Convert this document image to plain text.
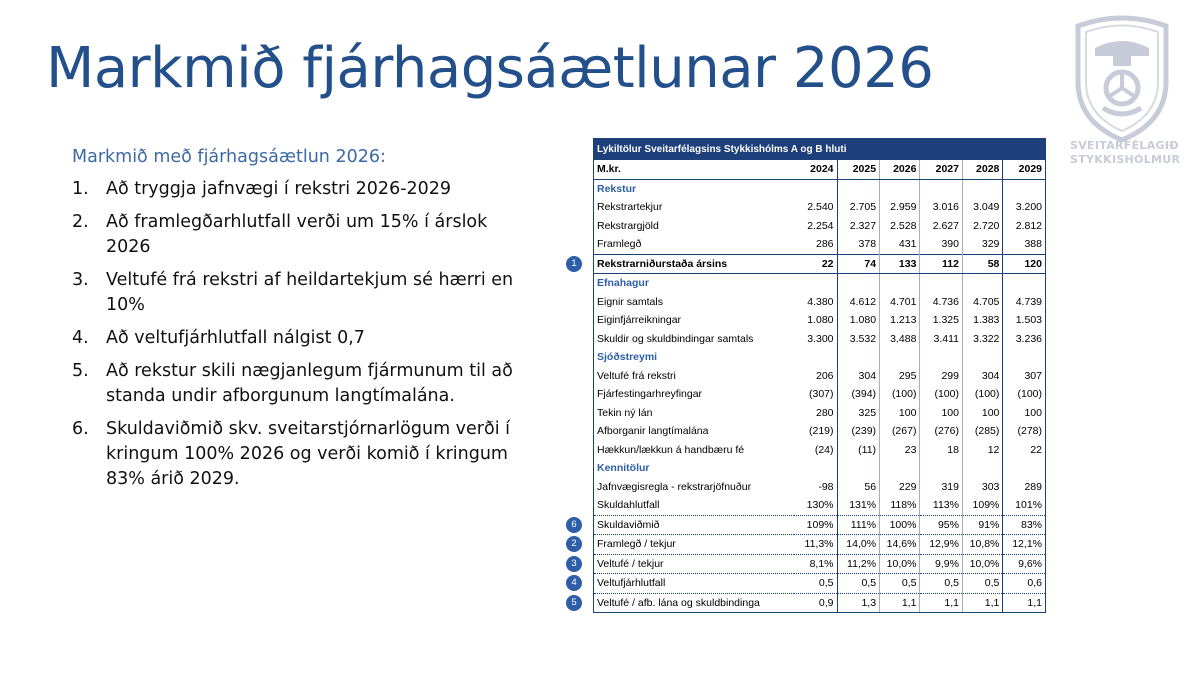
Markmið fjárhagsáætlunar 2026
SVEITARFÉLAGIÐ
STYKKISHÓLMUR

Markmið með fjárhagsáætlun 2026:

1. Að tryggja jafnvægi í rekstri 2026-2029
2. Að framlegðarhlutfall verði um 15% í árslok 2026
3. Veltufé frá rekstri af heildartekjum sé hærri en 10%
4. Að veltufjárhlutfall nálgist 0,7
5. Að rekstur skili nægjanlegum fjármunum til að standa undir afborgunum langtímalána.
6. Skuldaviðmið skv. sveitarstjórnarlögum verði í kringum 100% 2026 og verði komið í kringum 83% árið 2029.
Lykiltölur Sveitarfélagsins Stykkishólms A og B hluti						
M.kr.	2024	2025	2026	2027	2028	2029
Rekstur						
Rekstrartekjur	2.540	2.705	2.959	3.016	3.049	3.200
Rekstrargjöld	2.254	2.327	2.528	2.627	2.720	2.812
Framlegð	286	378	431	390	329	388
Rekstrarniðurstaða ársins	22	74	133	112	58	120
Efnahagur						
Eignir samtals	4.380	4.612	4.701	4.736	4.705	4.739
Eiginfjárreikningar	1.080	1.080	1.213	1.325	1.383	1.503
Skuldir og skuldbindingar samtals	3.300	3.532	3.488	3.411	3.322	3.236
Sjóðstreymi						
Veltufé frá rekstri	206	304	295	299	304	307
Fjárfestingarhreyfingar	(307)	(394)	(100)	(100)	(100)	(100)
Tekin ný lán	280	325	100	100	100	100
Afborganir langtímalána	(219)	(239)	(267)	(276)	(285)	(278)
Hækkun/lækkun á handbæru fé	(24)	(11)	23	18	12	22
Kennitölur						
Jafnvægisregla - rekstrarjöfnuður	-98	56	229	319	303	289
Skuldahlutfall	130%	131%	118%	113%	109%	101%
Skuldaviðmið	109%	111%	100%	95%	91%	83%
Framlegð / tekjur	11,3%	14,0%	14,6%	12,9%	10,8%	12,1%
Veltufé / tekjur	8,1%	11,2%	10,0%	9,9%	10,0%	9,6%
Veltufjárhlutfall	0,5	0,5	0,5	0,5	0,5	0,6
Veltufé / afb. lána og skuldbindinga	0,9	1,3	1,1	1,1	1,1	1,1
1
6
2
3
4
5
